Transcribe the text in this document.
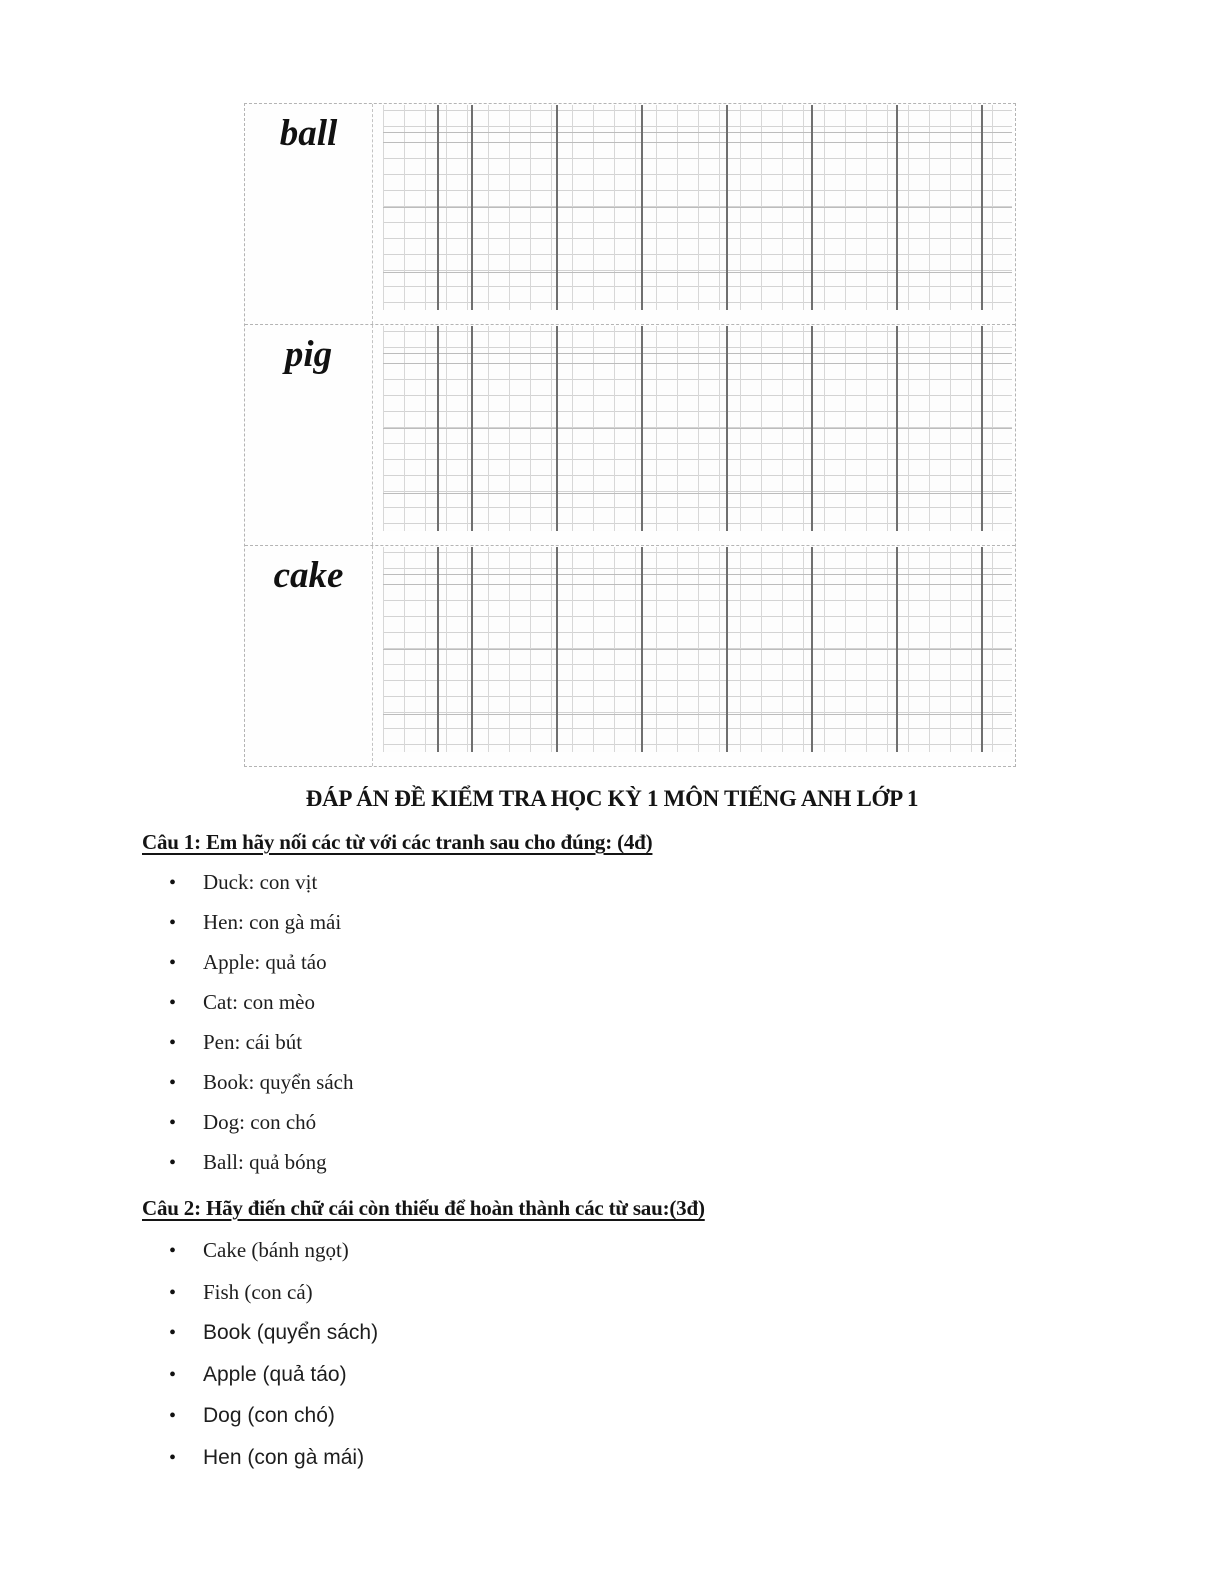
ball
pig
cake
ĐÁP ÁN ĐỀ KIỂM TRA HỌC KỲ 1 MÔN TIẾNG ANH LỚP 1
Câu 1: Em hãy nối các từ với các tranh sau cho đúng: (4đ)
•	Duck: con vịt
•	Hen: con gà mái
•	Apple: quả táo
•	Cat: con mèo
•	Pen: cái bút
•	Book: quyển sách
•	Dog: con chó
•	Ball: quả bóng
Câu 2: Hãy điến chữ cái còn thiếu để hoàn thành các từ sau:(3đ)
•	Cake (bánh ngọt)
•	Fish (con cá)
•	Book (quyển sách)
•	Apple (quả táo)
•	Dog (con chó)
•	Hen (con gà mái)
